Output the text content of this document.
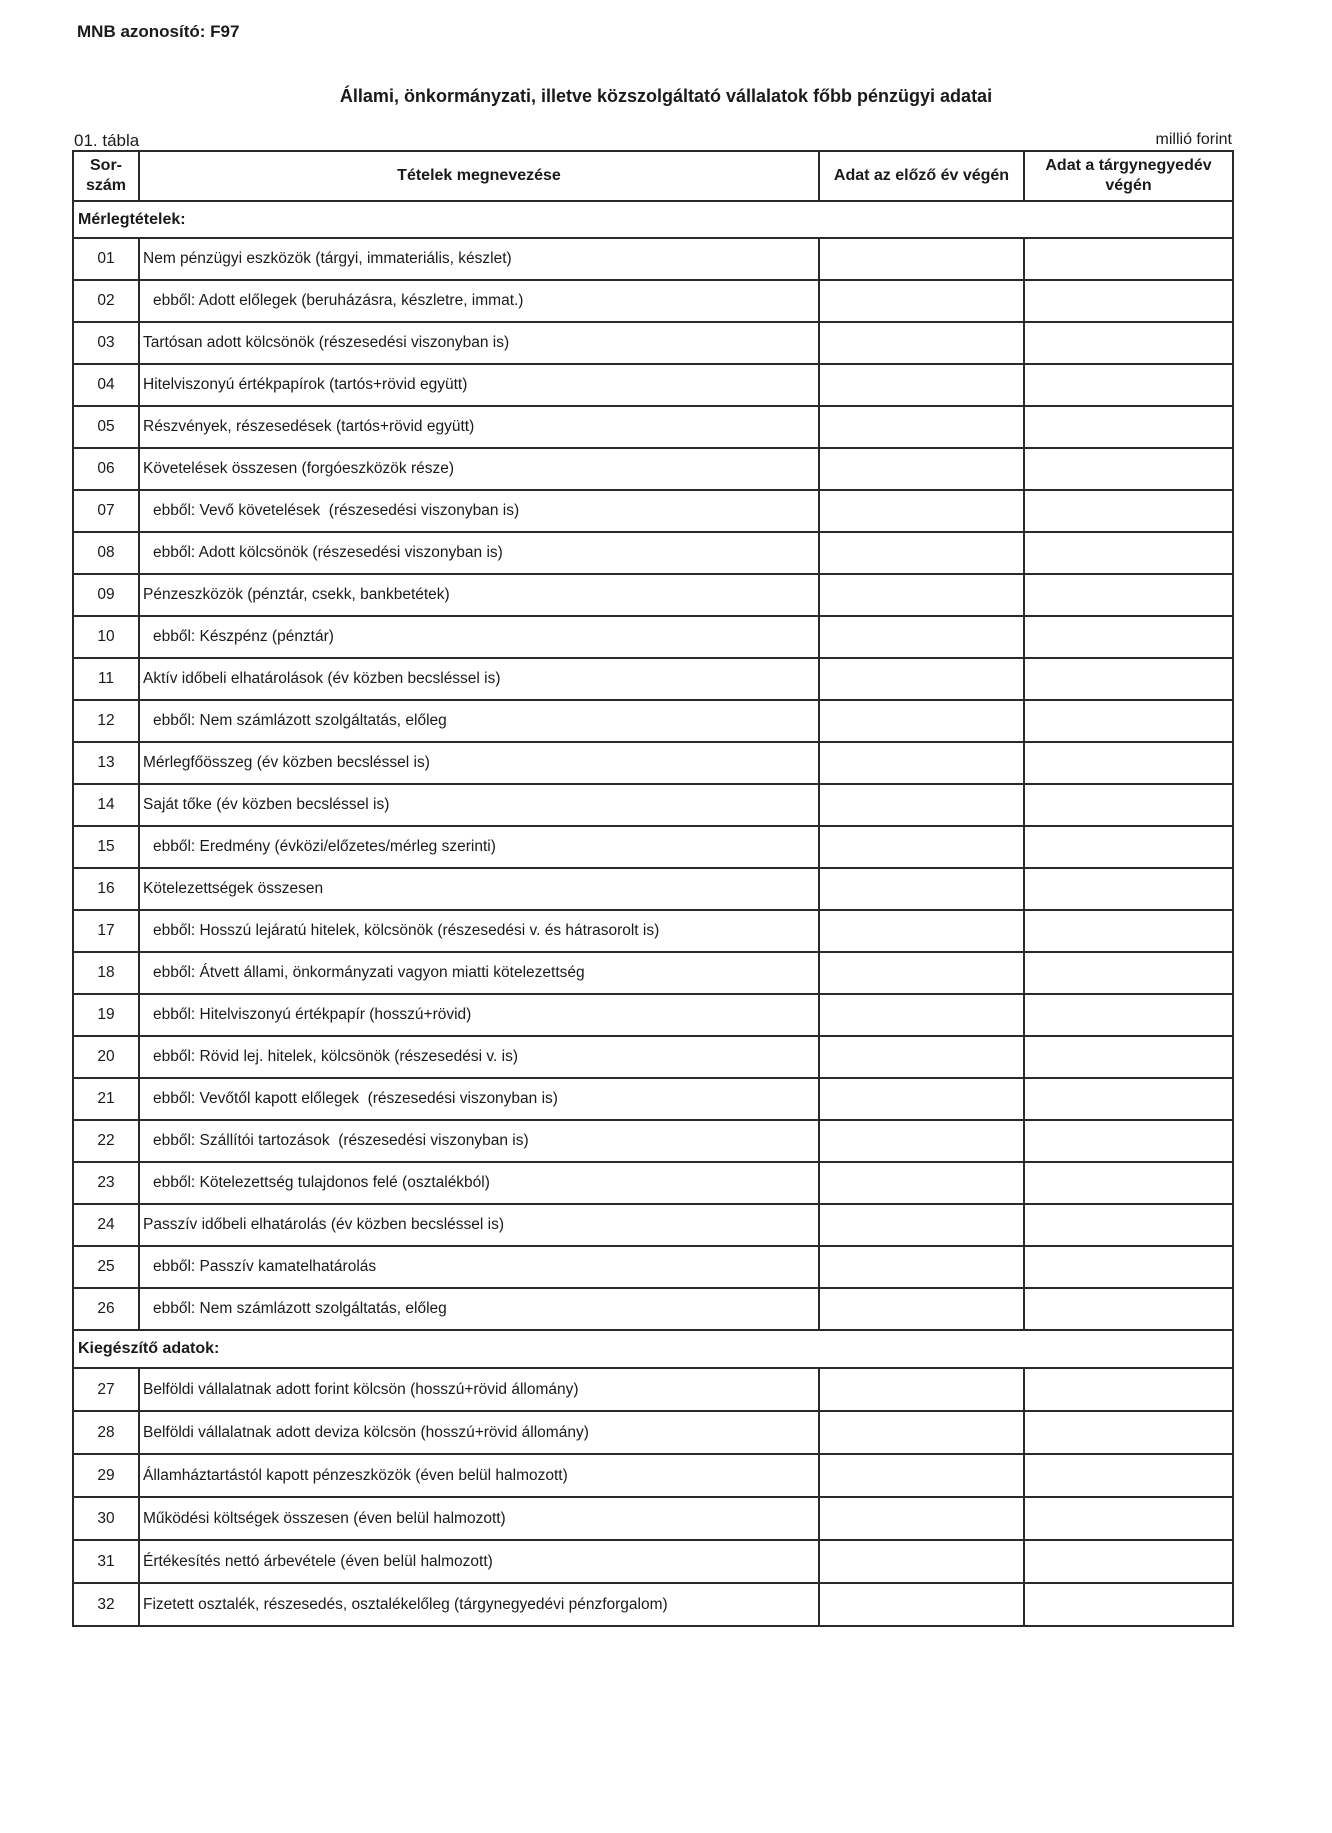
MNB azonosító: F97
Állami, önkormányzati, illetve közszolgáltató vállalatok főbb pénzügyi adatai
01. tábla	millió forint
Sor-szám	Tételek megnevezése	Adat az előző év végén	Adat a tárgynegyedév végén
Mérlegtételek:			
01	Nem pénzügyi eszközök (tárgyi, immateriális, készlet)		
02	ebből: Adott előlegek (beruházásra, készletre, immat.)		
03	Tartósan adott kölcsönök (részesedési viszonyban is)		
04	Hitelviszonyú értékpapírok (tartós+rövid együtt)		
05	Részvények, részesedések (tartós+rövid együtt)		
06	Követelések összesen (forgóeszközök része)		
07	ebből: Vevő követelések  (részesedési viszonyban is)		
08	ebből: Adott kölcsönök (részesedési viszonyban is)		
09	Pénzeszközök (pénztár, csekk, bankbetétek)		
10	ebből: Készpénz (pénztár)		
11	Aktív időbeli elhatárolások (év közben becsléssel is)		
12	ebből: Nem számlázott szolgáltatás, előleg		
13	Mérlegfőösszeg (év közben becsléssel is)		
14	Saját tőke (év közben becsléssel is)		
15	ebből: Eredmény (évközi/előzetes/mérleg szerinti)		
16	Kötelezettségek összesen		
17	ebből: Hosszú lejáratú hitelek, kölcsönök (részesedési v. és hátrasorolt is)		
18	ebből: Átvett állami, önkormányzati vagyon miatti kötelezettség		
19	ebből: Hitelviszonyú értékpapír (hosszú+rövid)		
20	ebből: Rövid lej. hitelek, kölcsönök (részesedési v. is)		
21	ebből: Vevőtől kapott előlegek  (részesedési viszonyban is)		
22	ebből: Szállítói tartozások  (részesedési viszonyban is)		
23	ebből: Kötelezettség tulajdonos felé (osztalékból)		
24	Passzív időbeli elhatárolás (év közben becsléssel is)		
25	ebből: Passzív kamatelhatárolás		
26	ebből: Nem számlázott szolgáltatás, előleg		
Kiegészítő adatok:			
27	Belföldi vállalatnak adott forint kölcsön (hosszú+rövid állomány)		
28	Belföldi vállalatnak adott deviza kölcsön (hosszú+rövid állomány)		
29	Államháztartástól kapott pénzeszközök (éven belül halmozott)		
30	Működési költségek összesen (éven belül halmozott)		
31	Értékesítés nettó árbevétele (éven belül halmozott)		
32	Fizetett osztalék, részesedés, osztalékelőleg (tárgynegyedévi pénzforgalom)		
